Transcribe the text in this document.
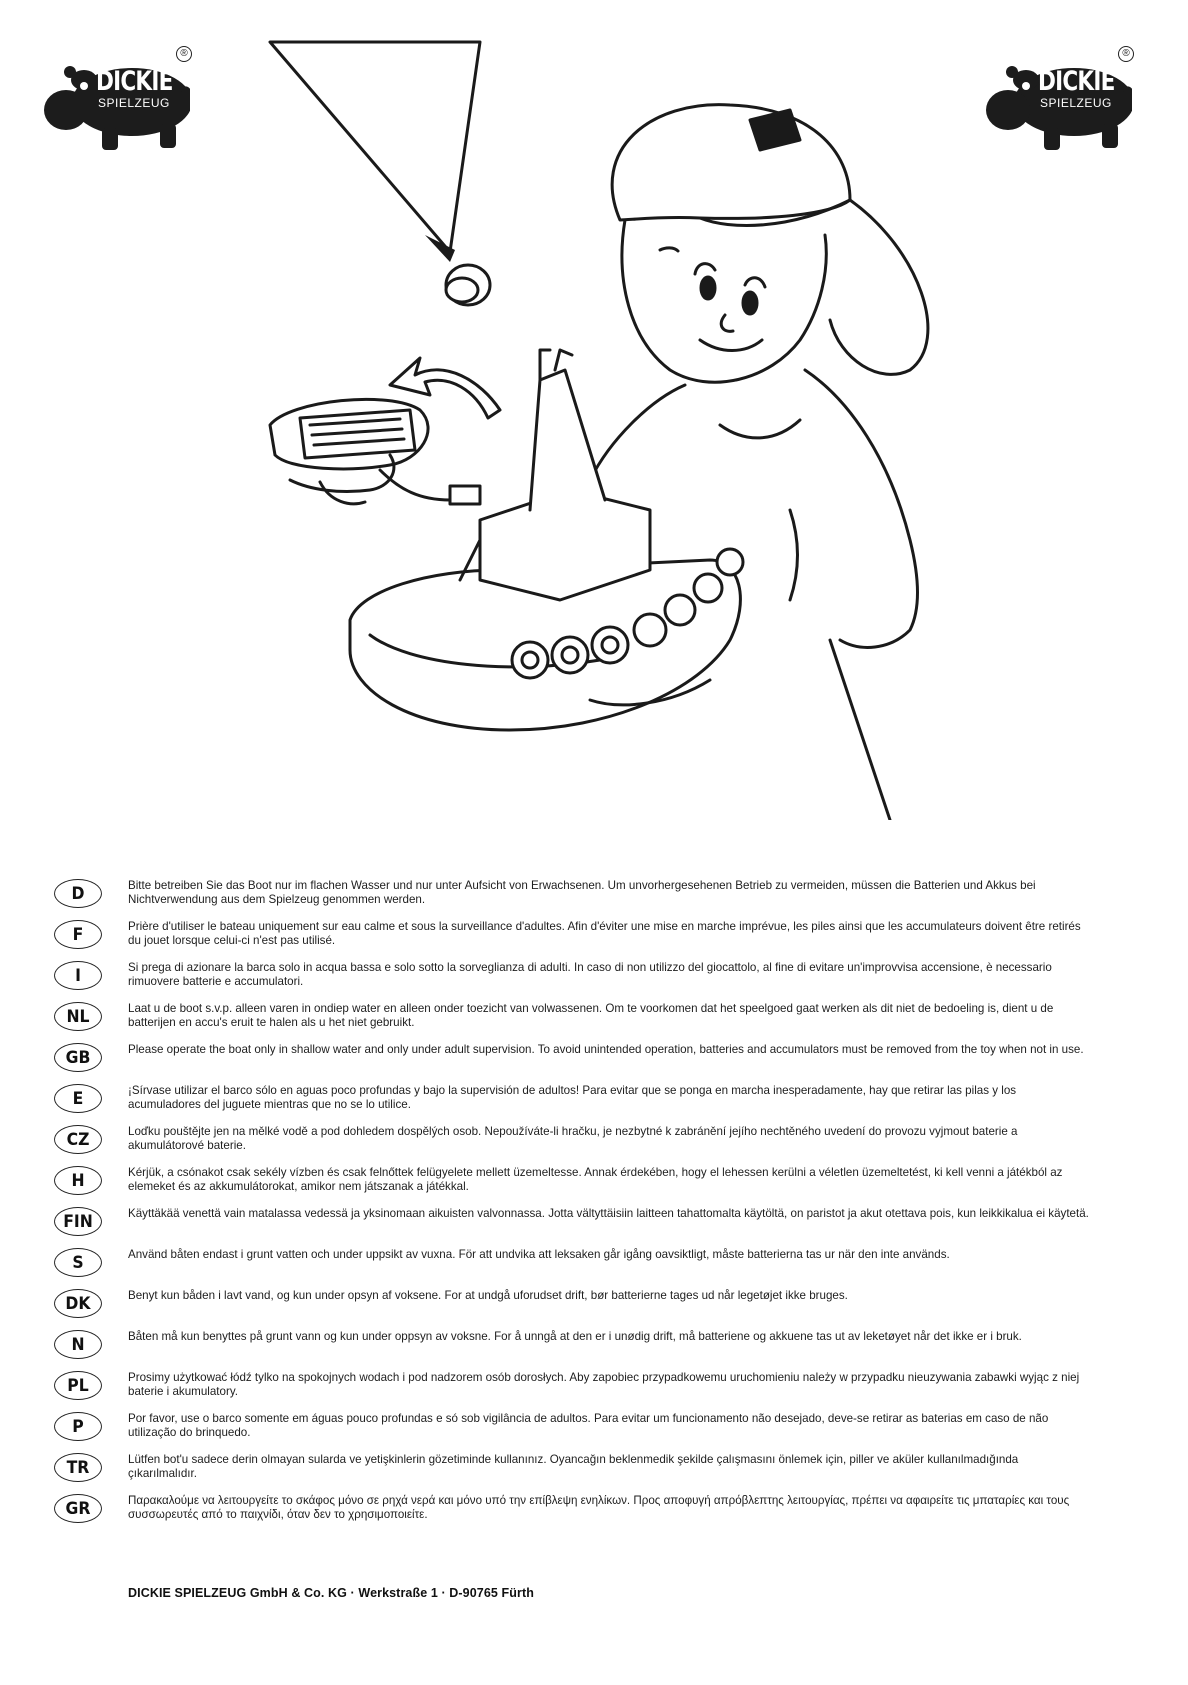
DICKIE
SPIELZEUG
®
DICKIE
SPIELZEUG
®
D	Bitte betreiben Sie das Boot nur im flachen Wasser und nur unter Aufsicht von Erwachsenen. Um unvorhergesehenen Betrieb zu vermeiden, müssen die Batterien und Akkus bei Nichtverwendung aus dem Spielzeug genommen werden.
F	Prière d'utiliser le bateau uniquement sur eau calme et sous la surveillance d'adultes. Afin d'éviter une mise en marche imprévue, les piles ainsi que les accumulateurs doivent être retirés du jouet lorsque celui-ci n'est pas utilisé.
I	Si prega di azionare la barca solo in acqua bassa e solo sotto la sorveglianza di adulti. In caso di non utilizzo del giocattolo, al fine di evitare un'improvvisa accensione, è necessario rimuovere batterie e accumulatori.
NL	Laat u de boot s.v.p. alleen varen in ondiep water en alleen onder toezicht van volwassenen. Om te voorkomen dat het speelgoed gaat werken als dit niet de bedoeling is, dient u de batterijen en accu's eruit te halen als u het niet gebruikt.
GB	Please operate the boat only in shallow water and only under adult supervision. To avoid unintended operation, batteries and accumulators must be removed from the toy when not in use.
E	¡Sírvase utilizar el barco sólo en aguas poco profundas y bajo la supervisión de adultos! Para evitar que se ponga en marcha inesperadamente, hay que retirar las pilas y los acumuladores del juguete mientras que no se lo utilice.
CZ	Loďku pouštějte jen na mělké vodě a pod dohledem dospělých osob. Nepoužíváte-li hračku, je nezbytné k zabránění jejího nechtěného uvedení do provozu vyjmout baterie a akumulátorové baterie.
H	Kérjük, a csónakot csak sekély vízben és csak felnőttek felügyelete mellett üzemeltesse. Annak érdekében, hogy el lehessen kerülni a véletlen üzemeltetést, ki kell venni a játékból az elemeket és az akkumulátorokat, amikor nem játszanak a játékkal.
FIN	Käyttäkää venettä vain matalassa vedessä ja yksinomaan aikuisten valvonnassa. Jotta vältyttäisiin laitteen tahattomalta käytöltä, on paristot ja akut otettava pois, kun leikkikalua ei käytetä.
S	Använd båten endast i grunt vatten och under uppsikt av vuxna. För att undvika att leksaken går igång oavsiktligt, måste batterierna tas ur när den inte används.
DK	Benyt kun båden i lavt vand, og kun under opsyn af voksene. For at undgå uforudset drift, bør batterierne tages ud når legetøjet ikke bruges.
N	Båten må kun benyttes på grunt vann og kun under oppsyn av voksne. For å unngå at den er i unødig drift, må batteriene og akkuene tas ut av leketøyet når det ikke er i bruk.
PL	Prosimy użytkować łódź tylko na spokojnych wodach i pod nadzorem osób dorosłych. Aby zapobiec przypadkowemu uruchomieniu należy w przypadku nieuzywania zabawki wyjąc z niej baterie i akumulatory.
P	Por favor, use o barco somente em águas pouco profundas e só sob vigilância de adultos. Para evitar um funcionamento não desejado, deve-se retirar as baterias em caso de não utilização do brinquedo.
TR	Lütfen bot'u sadece derin olmayan sularda ve yetişkinlerin gözetiminde kullanınız. Oyancağın beklenmedik şekilde çalışmasını önlemek için, piller ve aküler kullanılmadığında çıkarılmalıdır.
GR	Παρακαλούμε να λειτουργείτε το σκάφος μόνο σε ρηχά νερά και μόνο υπό την επίβλεψη ενηλίκων. Προς αποφυγή απρόβλεπτης λειτουργίας, πρέπει να αφαιρείτε τις μπαταρίες και τους συσσωρευτές από το παιχνίδι, όταν δεν το χρησιμοποιείτε.
DICKIE SPIELZEUG GmbH & Co. KG · Werkstraße 1 · D-90765 Fürth
